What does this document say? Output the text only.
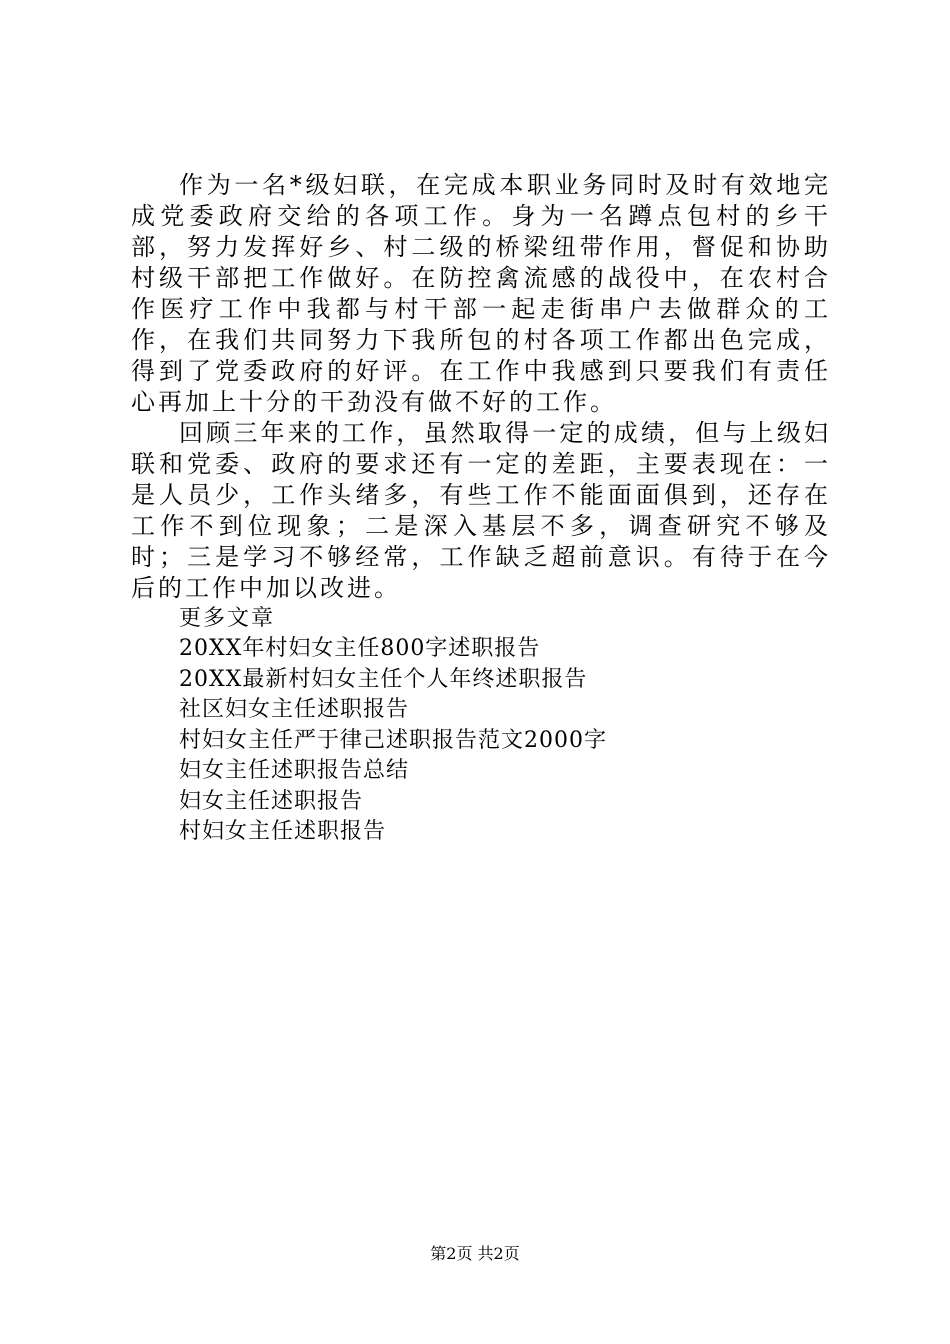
作为一名*级妇联，在完成本职业务同时及时有效地完成党委政府交给的各项工作。身为一名蹲点包村的乡干部，努力发挥好乡、村二级的桥梁纽带作用，督促和协助村级干部把工作做好。在防控禽流感的战役中，在农村合作医疗工作中我都与村干部一起走街串户去做群众的工作，在我们共同努力下我所包的村各项工作都出色完成，得到了党委政府的好评。在工作中我感到只要我们有责任心再加上十分的干劲没有做不好的工作。

回顾三年来的工作，虽然取得一定的成绩，但与上级妇联和党委、政府的要求还有一定的差距，主要表现在：一是人员少，工作头绪多，有些工作不能面面俱到，还存在工作不到位现象；二是深入基层不多，调查研究不够及时；三是学习不够经常，工作缺乏超前意识。有待于在今后的工作中加以改进。

更多文章

20XX年村妇女主任800字述职报告
20XX最新村妇女主任个人年终述职报告
社区妇女主任述职报告
村妇女主任严于律己述职报告范文2000字
妇女主任述职报告总结
妇女主任述职报告
村妇女主任述职报告
第2页 共2页
